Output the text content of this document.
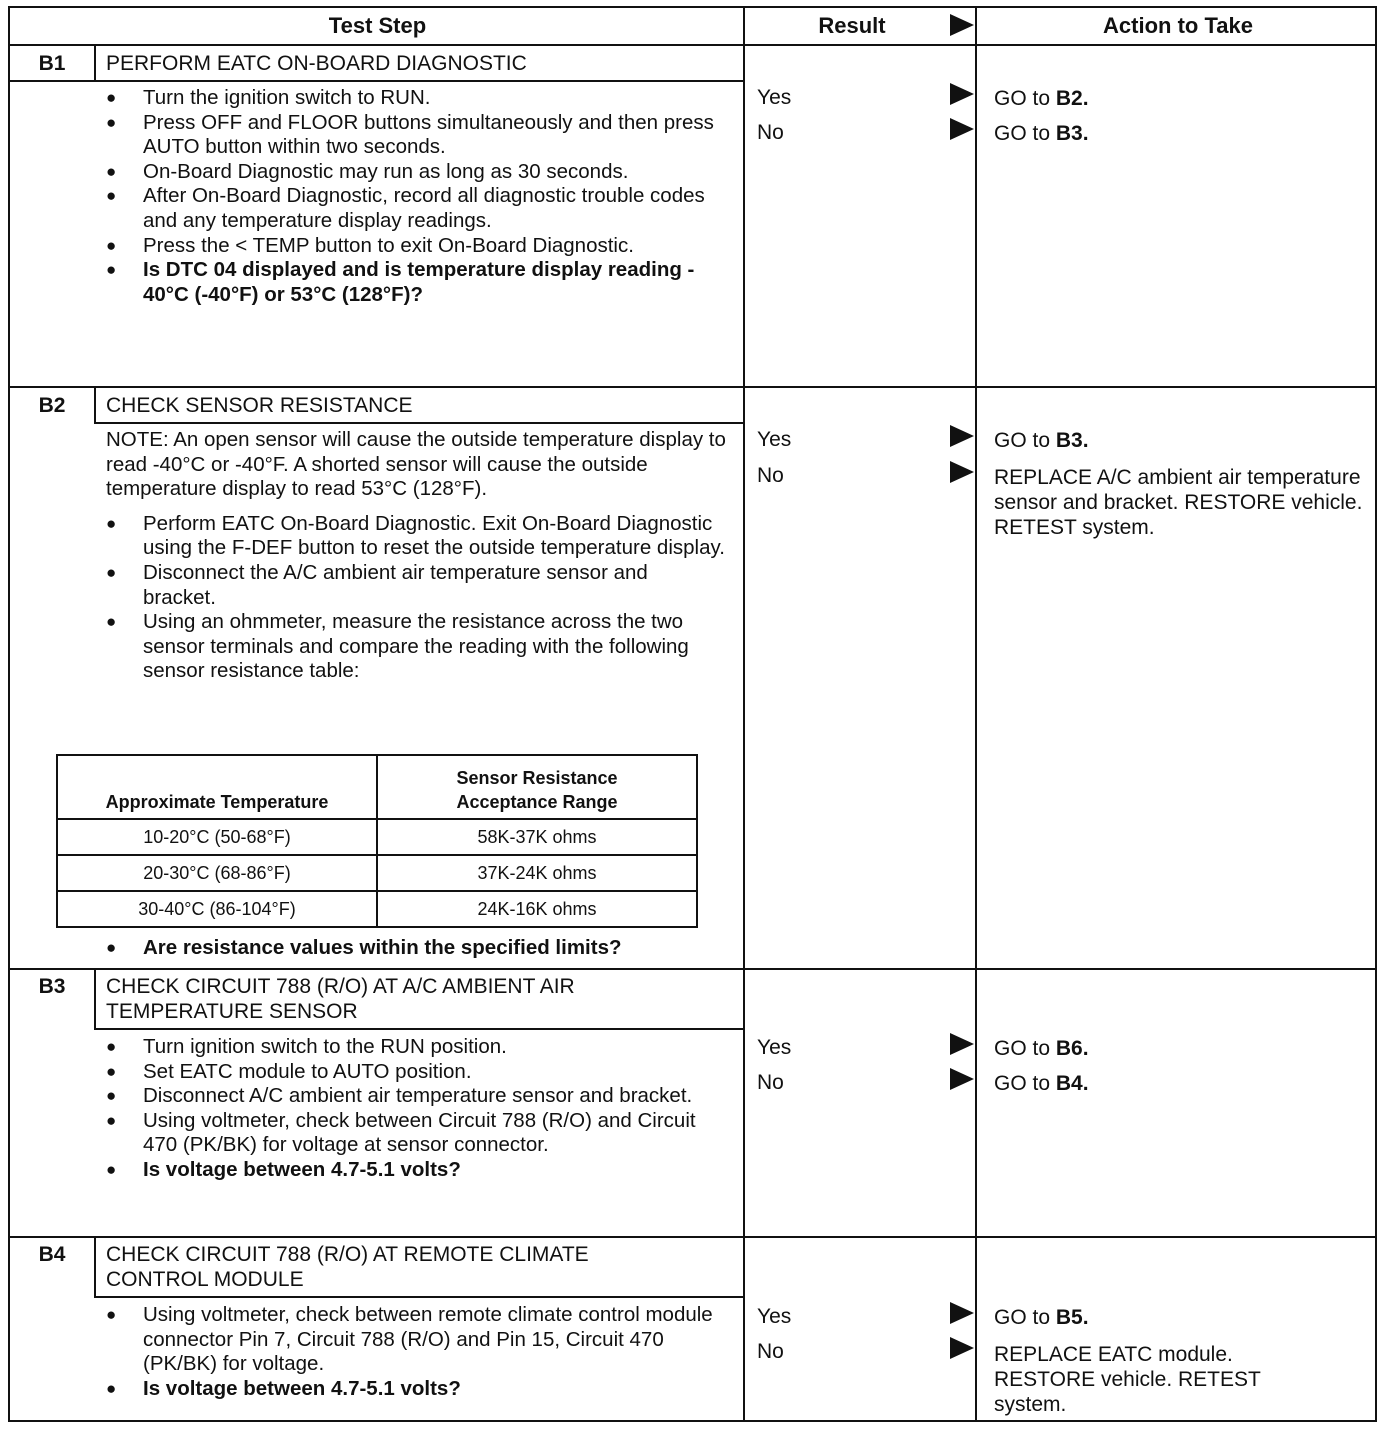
Test Step	Result	Action to Take
B1	PERFORM EATC ON-BOARD DIAGNOSTIC
● Turn the ignition switch to RUN.
● Press OFF and FLOOR buttons simultaneously and then press AUTO button within two seconds.
● On-Board Diagnostic may run as long as 30 seconds.
● After On-Board Diagnostic, record all diagnostic trouble codes and any temperature display readings.
● Press the < TEMP button to exit On-Board Diagnostic.
● Is DTC 04 displayed and is temperature display reading - 40°C (-40°F) or 53°C (128°F)?
Yes	GO to B2.
No	GO to B3.
B2	CHECK SENSOR RESISTANCE

NOTE: An open sensor will cause the outside temperature display to read -40°C or -40°F. A shorted sensor will cause the outside temperature display to read 53°C (128°F).

● Perform EATC On-Board Diagnostic. Exit On-Board Diagnostic using the F-DEF button to reset the outside temperature display.
● Disconnect the A/C ambient air temperature sensor and bracket.
● Using an ohmmeter, measure the resistance across the two sensor terminals and compare the reading with the following sensor resistance table:
Approximate Temperature	Sensor Resistance Acceptance Range
10-20°C (50-68°F)	58K-37K ohms
20-30°C (68-86°F)	37K-24K ohms
30-40°C (86-104°F)	24K-16K ohms
● Are resistance values within the specified limits?
Yes	GO to B3.
No	REPLACE A/C ambient air temperature sensor and bracket. RESTORE vehicle. RETEST system.
B3	CHECK CIRCUIT 788 (R/O) AT A/C AMBIENT AIR TEMPERATURE SENSOR
● Turn ignition switch to the RUN position.
● Set EATC module to AUTO position.
● Disconnect A/C ambient air temperature sensor and bracket.
● Using voltmeter, check between Circuit 788 (R/O) and Circuit 470 (PK/BK) for voltage at sensor connector.
● Is voltage between 4.7-5.1 volts?
Yes	GO to B6.
No	GO to B4.
B4	CHECK CIRCUIT 788 (R/O) AT REMOTE CLIMATE CONTROL MODULE
● Using voltmeter, check between remote climate control module connector Pin 7, Circuit 788 (R/O) and Pin 15, Circuit 470 (PK/BK) for voltage.
● Is voltage between 4.7-5.1 volts?
Yes	GO to B5.
No	REPLACE EATC module. RESTORE vehicle. RETEST system.
